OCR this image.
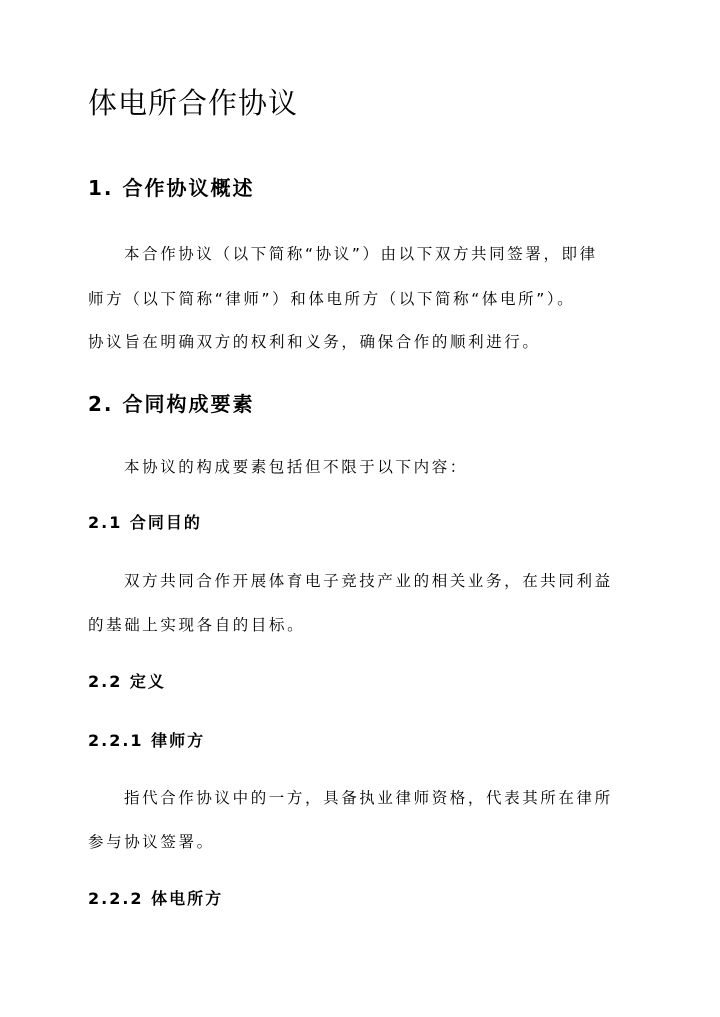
体电所合作协议
1. 合作协议概述
本合作协议（以下简称“协议”）由以下双方共同签署，即律
师方（以下简称“律师”）和体电所方（以下简称“体电所”）。
协议旨在明确双方的权利和义务，确保合作的顺利进行。
2. 合同构成要素
本协议的构成要素包括但不限于以下内容：
2.1 合同目的
双方共同合作开展体育电子竞技产业的相关业务，在共同利益
的基础上实现各自的目标。
2.2 定义
2.2.1 律师方
指代合作协议中的一方，具备执业律师资格，代表其所在律所
参与协议签署。
2.2.2 体电所方
